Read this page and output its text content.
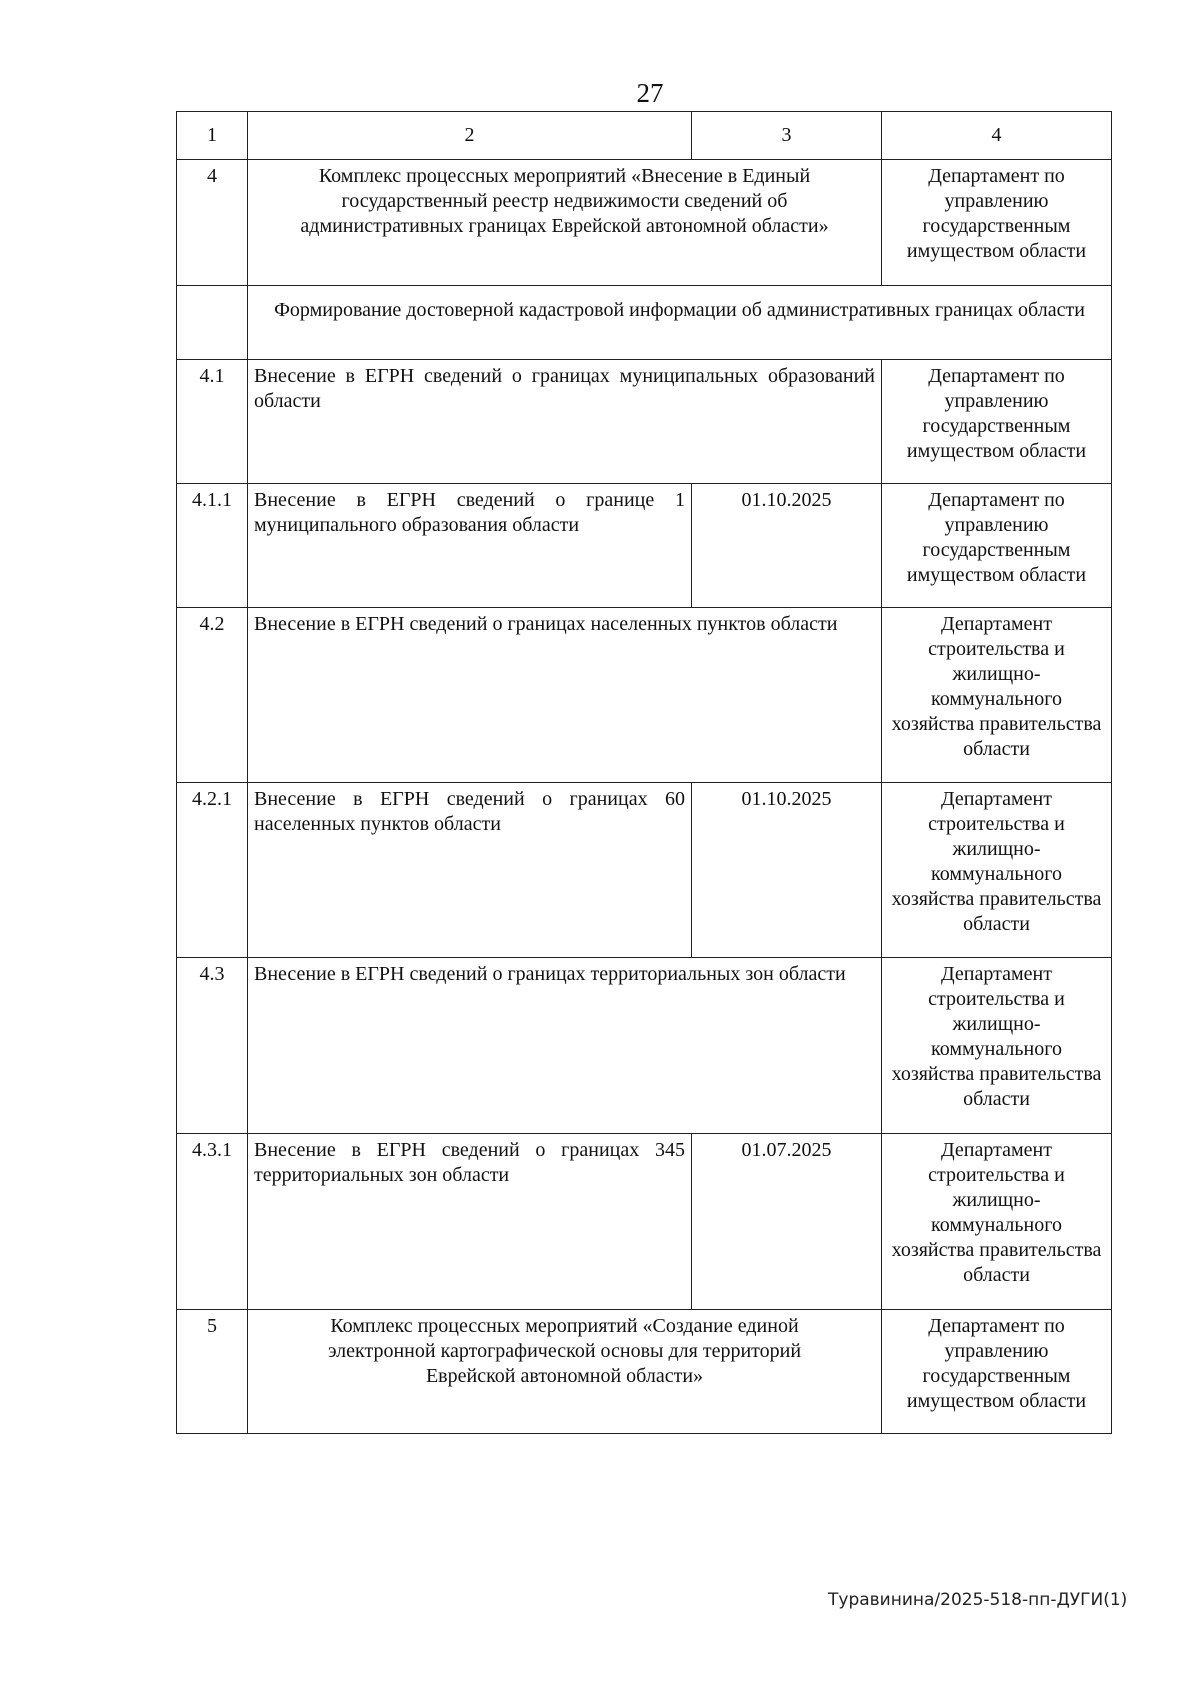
27
1	2	3	4
4	Комплекс процессных мероприятий «Внесение в Единый государственный реестр недвижимости сведений об административных границах Еврейской автономной области»		Департамент по управлению государственным имуществом области
	Формирование достоверной кадастровой информации об административных границах области		
4.1	Внесение в ЕГРН сведений о границах муниципальных образований области		Департамент по управлению государственным имуществом области
4.1.1	Внесение в ЕГРН сведений о границе 1 муниципального образования области	01.10.2025	Департамент по управлению государственным имуществом области
4.2	Внесение в ЕГРН сведений о границах населенных пунктов области		Департамент строительства и жилищно-коммунального хозяйства правительства области
4.2.1	Внесение в ЕГРН сведений о границах 60 населенных пунктов области	01.10.2025	Департамент строительства и жилищно-коммунального хозяйства правительства области
4.3	Внесение в ЕГРН сведений о границах территориальных зон области		Департамент строительства и жилищно-коммунального хозяйства правительства области
4.3.1	Внесение в ЕГРН сведений о границах 345 территориальных зон области	01.07.2025	Департамент строительства и жилищно-коммунального хозяйства правительства области
5	Комплекс процессных мероприятий «Создание единой электронной картографической основы для территорий Еврейской автономной области»		Департамент по управлению государственным имуществом области
Туравинина/2025-518-пп-ДУГИ(1)
